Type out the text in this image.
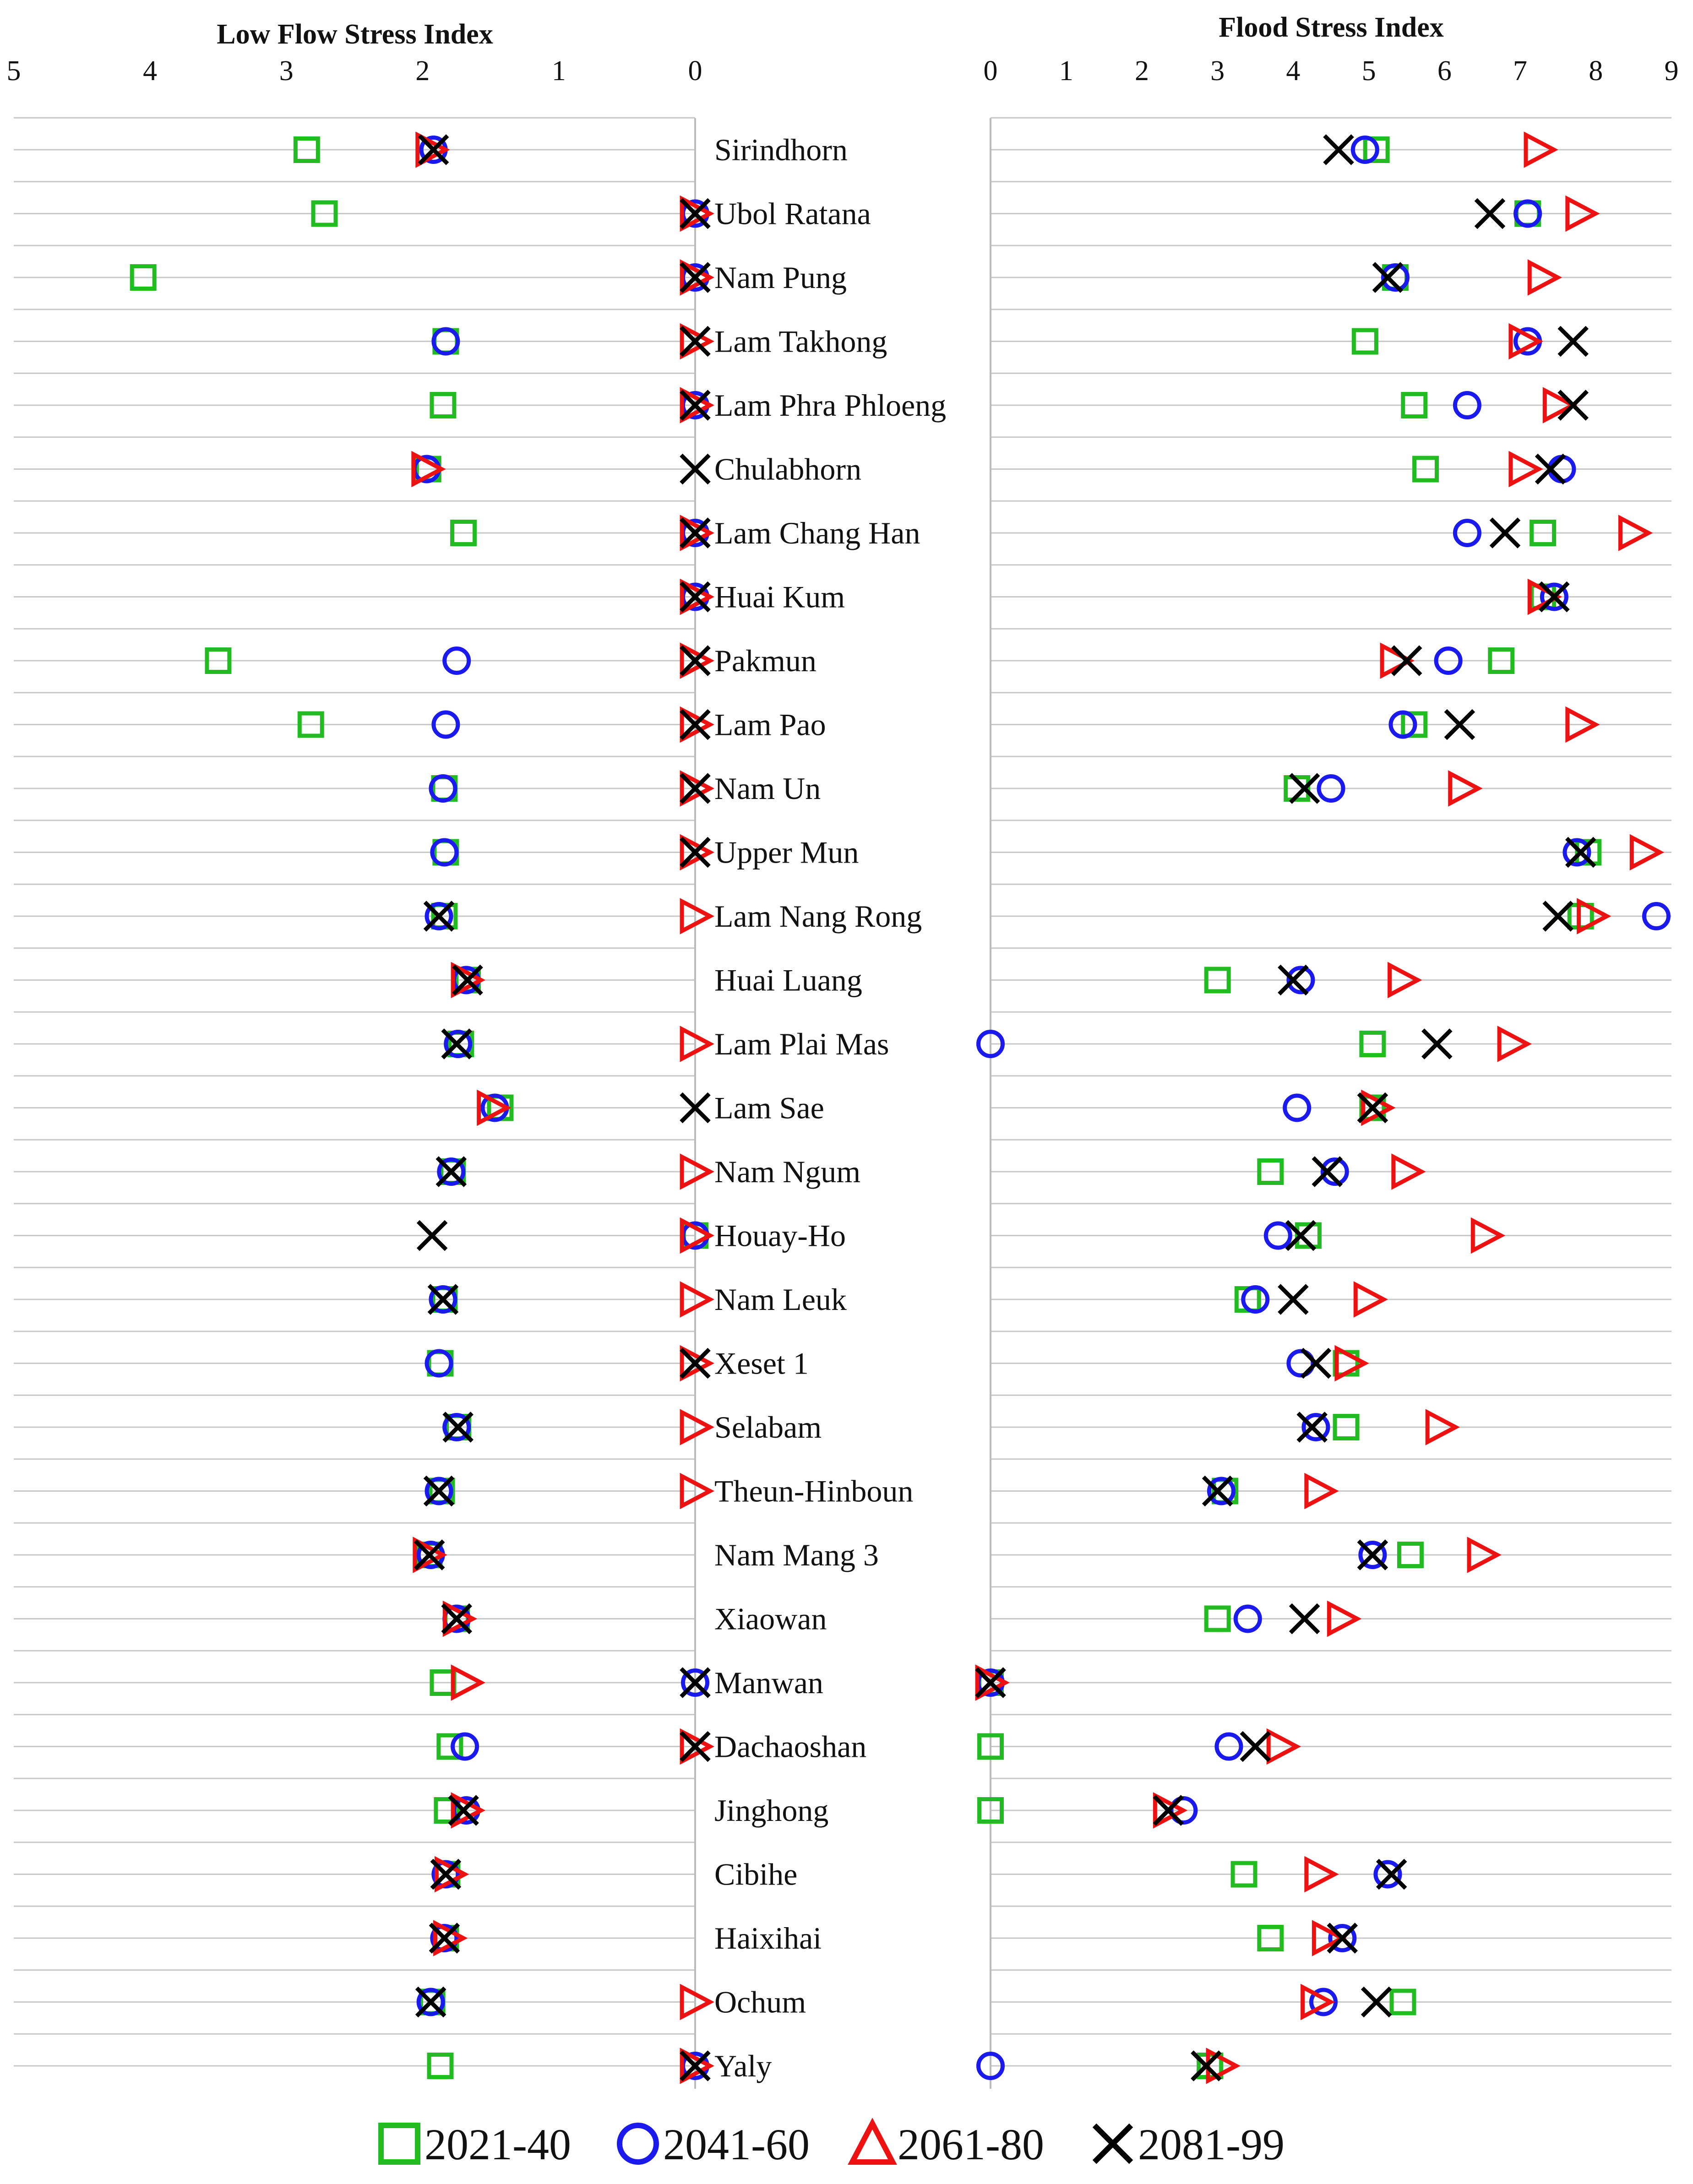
Low Flow Stress Index
5	4	3	2	1	0
Sirindhorn
Ubol Ratana
Nam Pung
Lam Takhong
Lam Phra Phloeng
Chulabhorn
Lam Chang Han
Huai Kum
Pakmun
Lam Pao
Nam Un
Upper Mun
Lam Nang Rong
Huai Luang
Lam Plai Mas
Lam Sae
Nam Ngum
Houay-Ho
Nam Leuk
Xeset 1
Selabam
Theun-Hinboun
Nam Mang 3
Xiaowan
Manwan
Dachaoshan
Jinghong
Cibihe
Haixihai
Ochum
Yaly
Flood Stress Index
0 1 2 3 4 5 6 7 8 9
2021-40 2041-60 2061-80 2081-99
